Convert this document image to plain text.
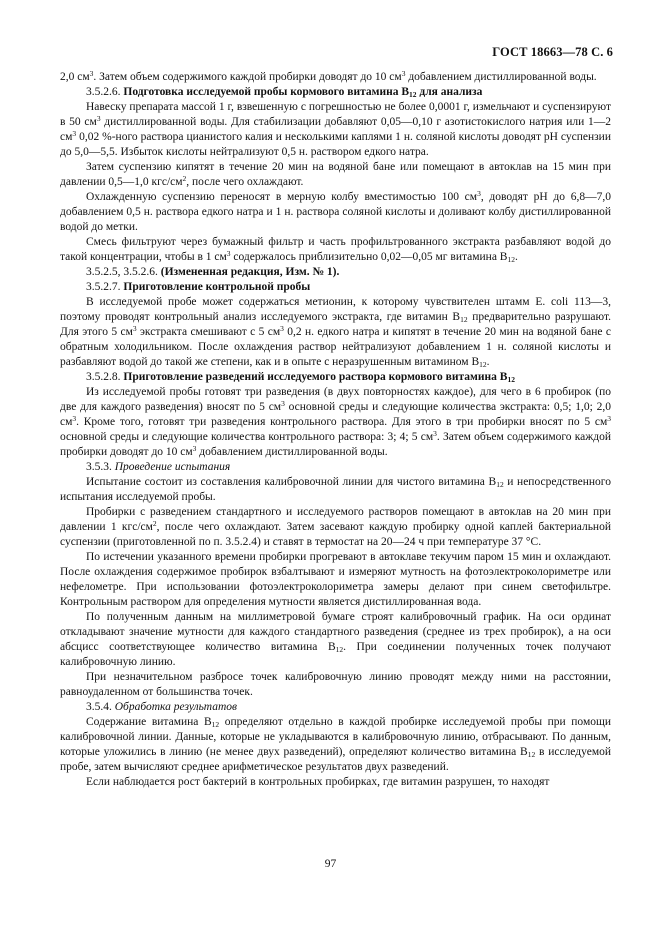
ГОСТ 18663—78 С. 6

2,0 $см^3$. Затем объем содержимого каждой пробирки доводят до 10 $см^3$ добавлением дистиллированной воды.

3.5.2.6. Подготовка исследуемой пробы кормового витамина $B_{12}$ для анализа

Навеску препарата массой 1 г, взвешенную с погрешностью не более 0,0001 г, измельчают и суспензируют в 50 $см^3$ дистиллированной воды. Для стабилизации добавляют 0,05—0,10 г азотистокислого натрия или 1—2 $см^3$ 0,02 %-ного раствора цианистого калия и несколькими каплями 1 н. соляной кислоты доводят pH суспензии до 5,0—5,5. Избыток кислоты нейтрализуют 0,5 н. раствором едкого натра.

Затем суспензию кипятят в течение 20 мин на водяной бане или помещают в автоклав на 15 мин при давлении 0,5—1,0 кгс/$см^2$, после чего охлаждают.

Охлажденную суспензию переносят в мерную колбу вместимостью 100 $см^3$, доводят pH до 6,8—7,0 добавлением 0,5 н. раствора едкого натра и 1 н. раствора соляной кислоты и доливают колбу дистиллированной водой до метки.

Смесь фильтруют через бумажный фильтр и часть профильтрованного экстракта разбавляют водой до такой концентрации, чтобы в 1 $см^3$ содержалось приблизительно 0,02—0,05 мг витамина $B_{12}$.

3.5.2.5, 3.5.2.6. (Измененная редакция, Изм. № 1).

3.5.2.7. Приготовление контрольной пробы

В исследуемой пробе может содержаться метионин, к которому чувствителен штамм E. coli 113—3, поэтому проводят контрольный анализ исследуемого экстракта, где витамин $B_{12}$ предварительно разрушают. Для этого 5 $см^3$ экстракта смешивают с 5 $см^3$ 0,2 н. едкого натра и кипятят в течение 20 мин на водяной бане с обратным холодильником. После охлаждения раствор нейтрализуют добавлением 1 н. соляной кислоты и разбавляют водой до такой же степени, как и в опыте с неразрушенным витамином $B_{12}$.

3.5.2.8. Приготовление разведений исследуемого раствора кормового витамина $B_{12}$

Из исследуемой пробы готовят три разведения (в двух повторностях каждое), для чего в 6 пробирок (по две для каждого разведения) вносят по 5 $см^3$ основной среды и следующие количества экстракта: 0,5; 1,0; 2,0 $см^3$. Кроме того, готовят три разведения контрольного раствора. Для этого в три пробирки вносят по 5 $см^3$ основной среды и следующие количества контрольного раствора: 3; 4; 5 $см^3$. Затем объем содержимого каждой пробирки доводят до 10 $см^3$ добавлением дистиллированной воды.

3.5.3. Проведение испытания

Испытание состоит из составления калибровочной линии для чистого витамина $B_{12}$ и непосредственного испытания исследуемой пробы.

Пробирки с разведением стандартного и исследуемого растворов помещают в автоклав на 20 мин при давлении 1 кгс/$см^2$, после чего охлаждают. Затем засевают каждую пробирку одной каплей бактериальной суспензии (приготовленной по п. 3.5.2.4) и ставят в термостат на 20—24 ч при температуре 37 °C.

По истечении указанного времени пробирки прогревают в автоклаве текучим паром 15 мин и охлаждают. После охлаждения содержимое пробирок взбалтывают и измеряют мутность на фотоэлектроколориметре или нефелометре. При использовании фотоэлектроколориметра замеры делают при синем светофильтре. Контрольным раствором для определения мутности является дистиллированная вода.

По полученным данным на миллиметровой бумаге строят калибровочный график. На оси ординат откладывают значение мутности для каждого стандартного разведения (среднее из трех пробирок), а на оси абсцисс соответствующее количество витамина $B_{12}$. При соединении полученных точек получают калибровочную линию.

При незначительном разбросе точек калибровочную линию проводят между ними на расстоянии, равноудаленном от большинства точек.

3.5.4. Обработка результатов

Содержание витамина $B_{12}$ определяют отдельно в каждой пробирке исследуемой пробы при помощи калибровочной линии. Данные, которые не укладываются в калибровочную линию, отбрасывают. По данным, которые уложились в линию (не менее двух разведений), определяют количество витамина $B_{12}$ в исследуемой пробе, затем вычисляют среднее арифметическое результатов двух разведений.

Если наблюдается рост бактерий в контрольных пробирках, где витамин разрушен, то находят

97
